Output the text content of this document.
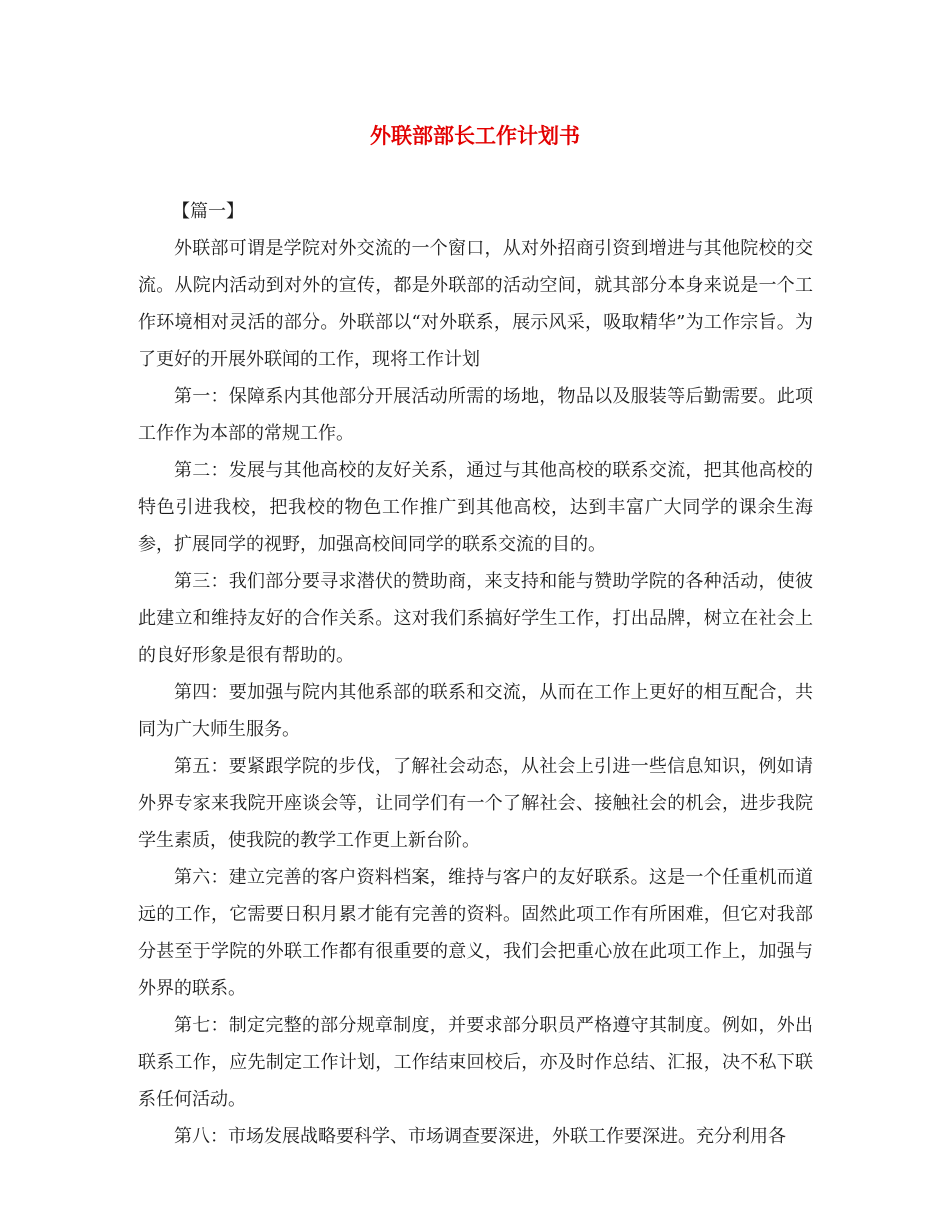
外联部部长工作计划书

【篇一】

外联部可谓是学院对外交流的一个窗口，从对外招商引资到增进与其他院校的交流。从院内活动到对外的宣传，都是外联部的活动空间，就其部分本身来说是一个工作环境相对灵活的部分。外联部以“对外联系，展示风采，吸取精华”为工作宗旨。为了更好的开展外联闻的工作，现将工作计划

第一：保障系内其他部分开展活动所需的场地，物品以及服装等后勤需要。此项工作作为本部的常规工作。

第二：发展与其他高校的友好关系，通过与其他高校的联系交流，把其他高校的特色引进我校，把我校的物色工作推广到其他高校，达到丰富广大同学的课余生海参，扩展同学的视野，加强高校间同学的联系交流的目的。

第三：我们部分要寻求潜伏的赞助商，来支持和能与赞助学院的各种活动，使彼此建立和维持友好的合作关系。这对我们系搞好学生工作，打出品牌，树立在社会上的良好形象是很有帮助的。

第四：要加强与院内其他系部的联系和交流，从而在工作上更好的相互配合，共同为广大师生服务。

第五：要紧跟学院的步伐，了解社会动态，从社会上引进一些信息知识，例如请外界专家来我院开座谈会等，让同学们有一个了解社会、接触社会的机会，进步我院学生素质，使我院的教学工作更上新台阶。

第六：建立完善的客户资料档案，维持与客户的友好联系。这是一个任重机而道远的工作，它需要日积月累才能有完善的资料。固然此项工作有所困难，但它对我部分甚至于学院的外联工作都有很重要的意义，我们会把重心放在此项工作上，加强与外界的联系。

第七：制定完整的部分规章制度，并要求部分职员严格遵守其制度。例如，外出联系工作，应先制定工作计划，工作结束回校后，亦及时作总结、汇报，决不私下联系任何活动。

第八：市场发展战略要科学、市场调查要深进，外联工作要深进。充分利用各
